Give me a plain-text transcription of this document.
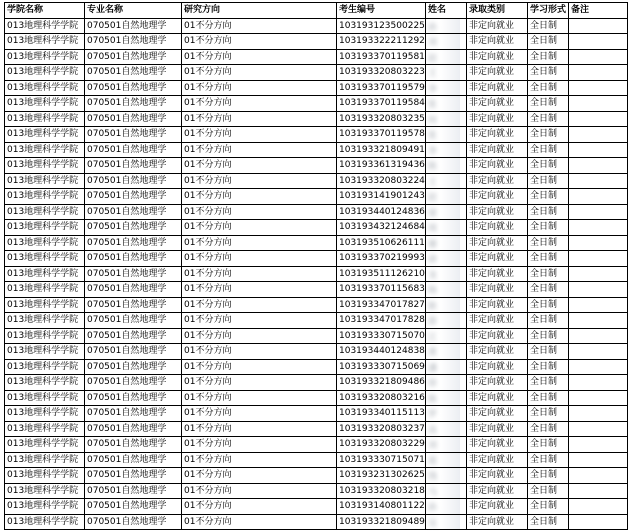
学院名称	专业名称	研究方向	考生编号	姓名	录取类别	学习形式	备注
013地理科学学院	070501自然地理学	01不分方向	103193123500225	孙	非定向就业	全日制	
013地理科学学院	070501自然地理学	01不分方向	103193322211292	刘	非定向就业	全日制	
013地理科学学院	070501自然地理学	01不分方向	103193370119581	赵	非定向就业	全日制	
013地理科学学院	070501自然地理学	01不分方向	103193320803223	王	非定向就业	全日制	
013地理科学学院	070501自然地理学	01不分方向	103193370119579	李	非定向就业	全日制	
013地理科学学院	070501自然地理学	01不分方向	103193370119584	张	非定向就业	全日制	
013地理科学学院	070501自然地理学	01不分方向	103193320803235	何	非定向就业	全日制	
013地理科学学院	070501自然地理学	01不分方向	103193370119578	张	非定向就业	全日制	
013地理科学学院	070501自然地理学	01不分方向	103193321809491	李	非定向就业	全日制	
013地理科学学院	070501自然地理学	01不分方向	103193361319436	陈	非定向就业	全日制	
013地理科学学院	070501自然地理学	01不分方向	103193320803224	王	非定向就业	全日制	
013地理科学学院	070501自然地理学	01不分方向	103193141901243	赵	非定向就业	全日制	
013地理科学学院	070501自然地理学	01不分方向	103193440124836	梁	非定向就业	全日制	
013地理科学学院	070501自然地理学	01不分方向	103193432124684	周	非定向就业	全日制	
013地理科学学院	070501自然地理学	01不分方向	103193510626111	谢	非定向就业	全日制	
013地理科学学院	070501自然地理学	01不分方向	103193370219993	俞	非定向就业	全日制	
013地理科学学院	070501自然地理学	01不分方向	103193511126210	龙	非定向就业	全日制	
013地理科学学院	070501自然地理学	01不分方向	103193370115683	杨	非定向就业	全日制	
013地理科学学院	070501自然地理学	01不分方向	103193347017827	耿	非定向就业	全日制	
013地理科学学院	070501自然地理学	01不分方向	103193347017828	游	非定向就业	全日制	
013地理科学学院	070501自然地理学	01不分方向	103193330715070	江	非定向就业	全日制	
013地理科学学院	070501自然地理学	01不分方向	103193440124838	黄	非定向就业	全日制	
013地理科学学院	070501自然地理学	01不分方向	103193330715069	潘	非定向就业	全日制	
013地理科学学院	070501自然地理学	01不分方向	103193321809486	徐	非定向就业	全日制	
013地理科学学院	070501自然地理学	01不分方向	103193320803216	陈	非定向就业	全日制	
013地理科学学院	070501自然地理学	01不分方向	103193340115113	罗	非定向就业	全日制	
013地理科学学院	070501自然地理学	01不分方向	103193320803237	高	非定向就业	全日制	
013地理科学学院	070501自然地理学	01不分方向	103193320803229	刘	非定向就业	全日制	
013地理科学学院	070501自然地理学	01不分方向	103193330715071	郑	非定向就业	全日制	
013地理科学学院	070501自然地理学	01不分方向	103193231302625	钱	非定向就业	全日制	
013地理科学学院	070501自然地理学	01不分方向	103193320803218	马	非定向就业	全日制	
013地理科学学院	070501自然地理学	01不分方向	103193140801122	孙	非定向就业	全日制	
013地理科学学院	070501自然地理学	01不分方向	103193321809489	吴	非定向就业	全日制	
